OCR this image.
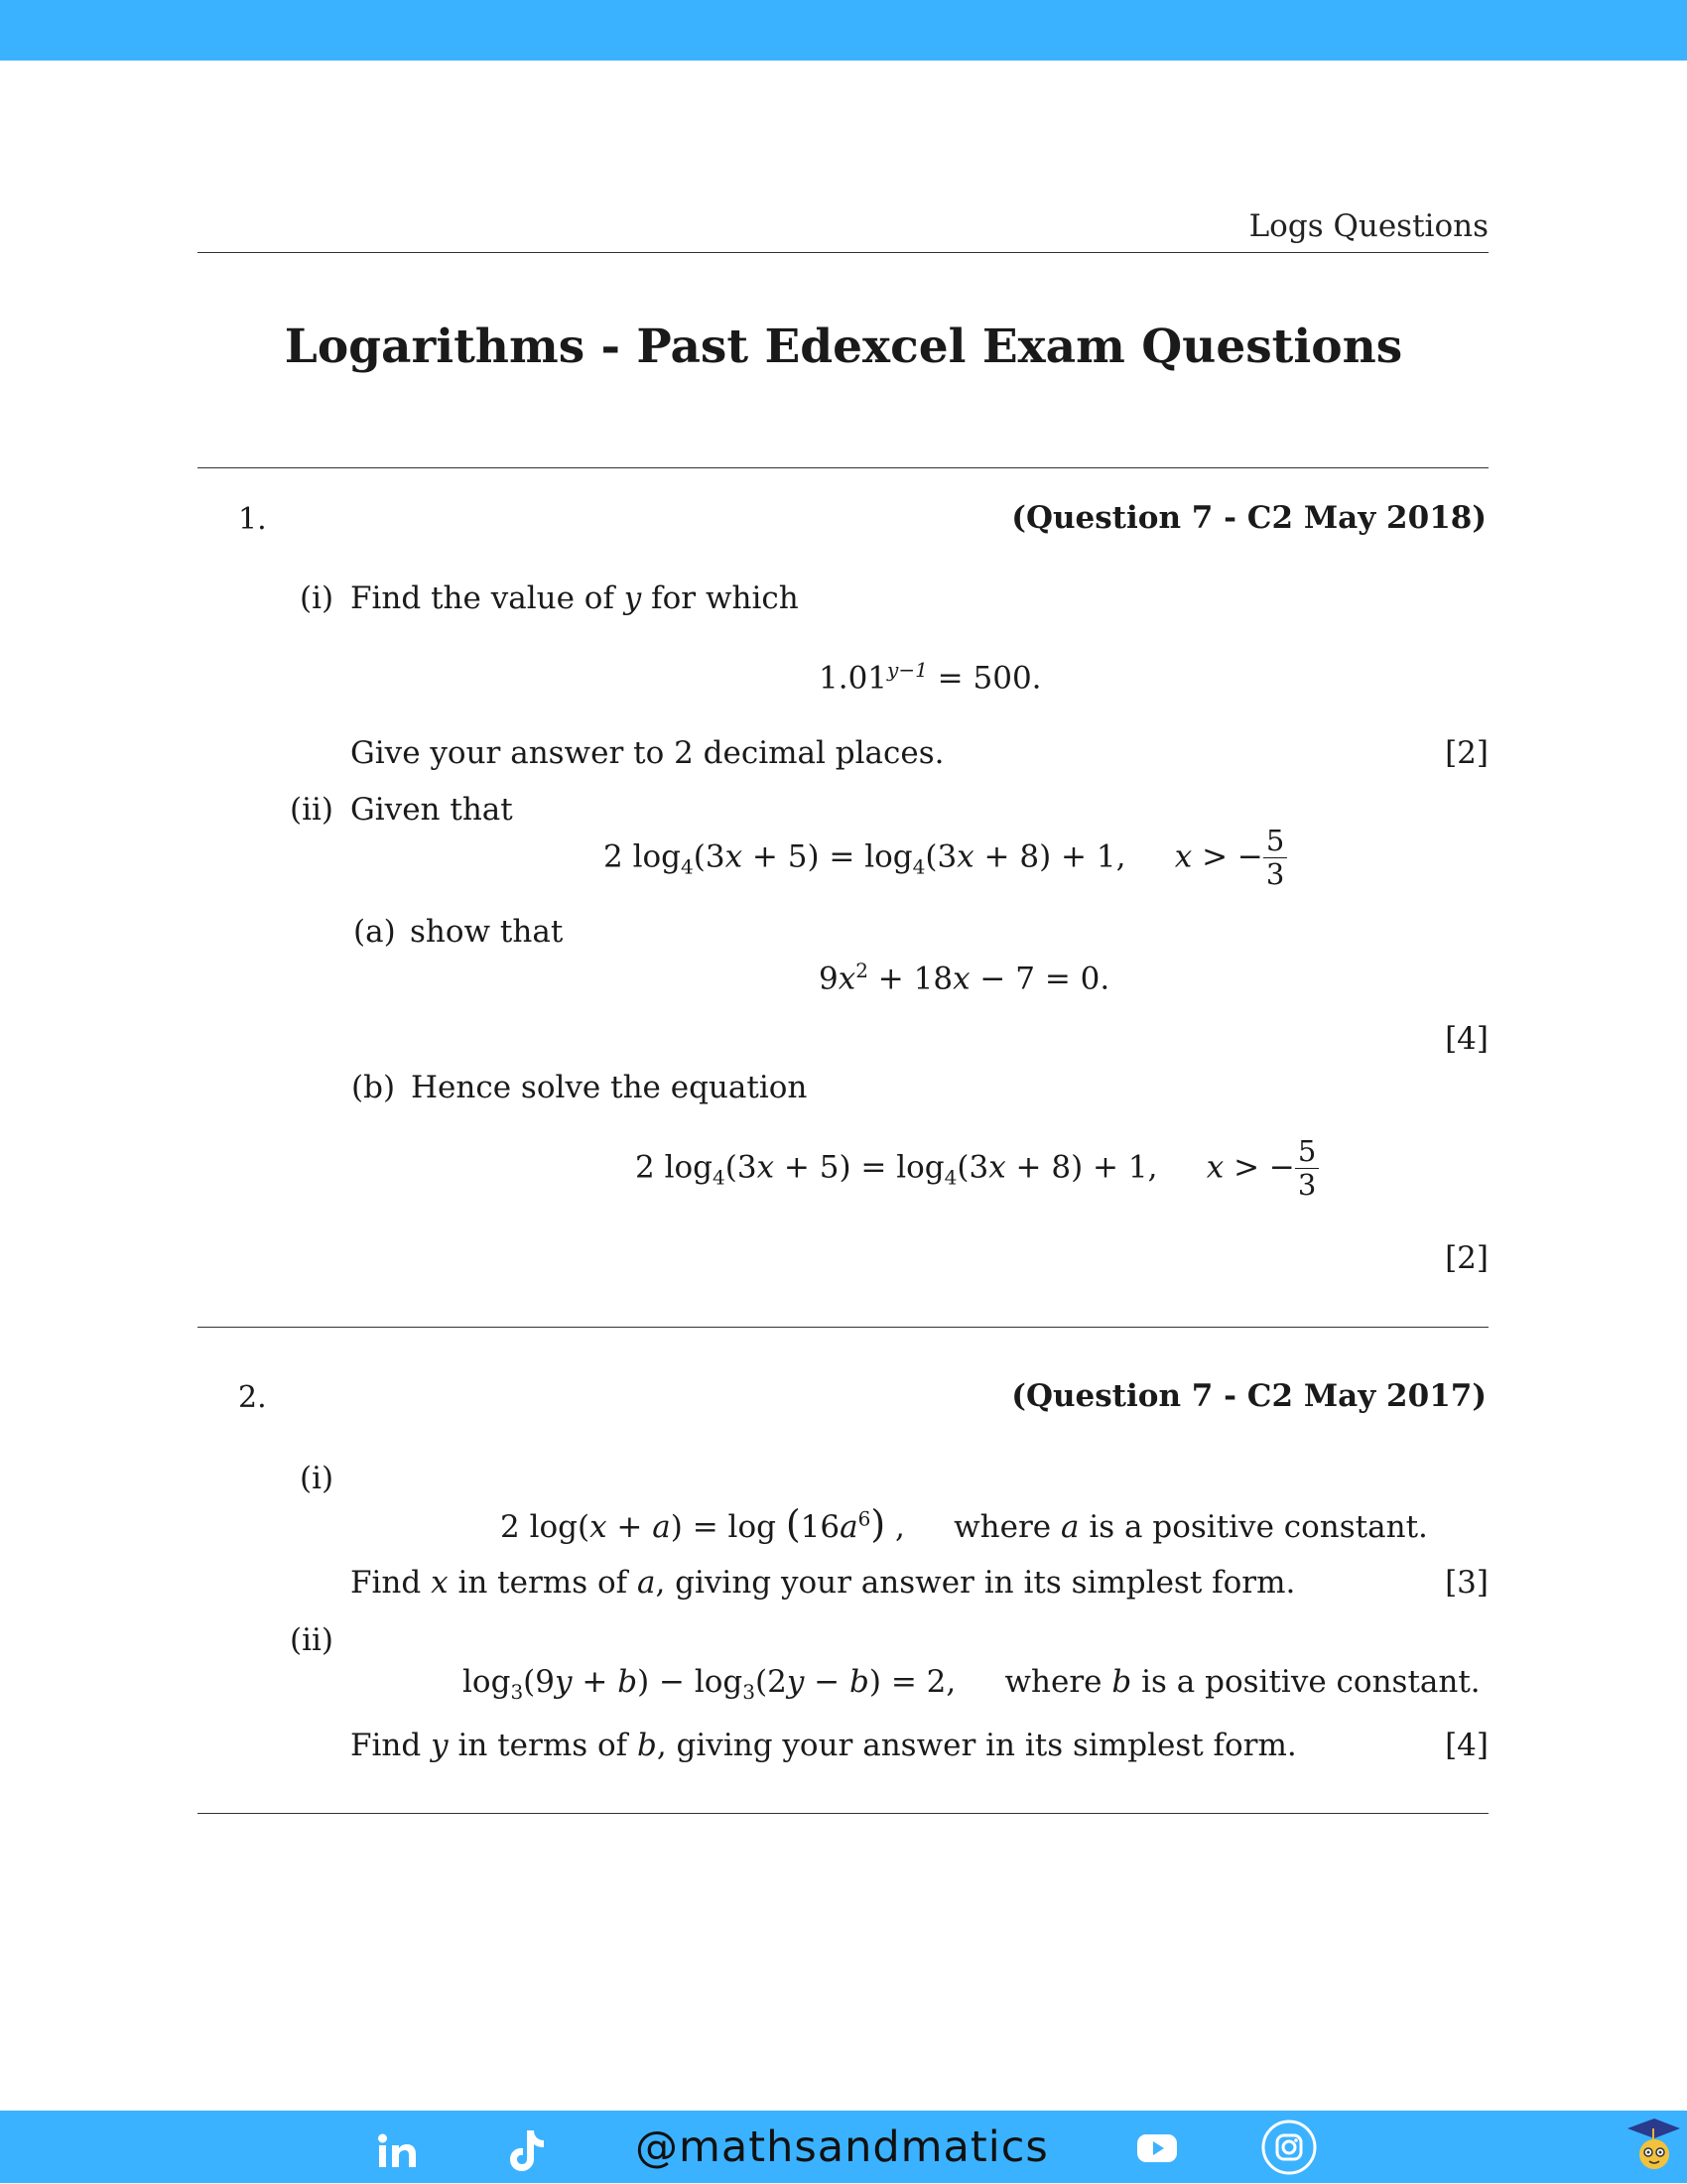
Logs Questions
Logarithms - Past Edexcel Exam Questions
1.	(Question 7 - C2 May 2018)
(i) Find the value of y for which
$1.01^{y-1} = 500$.
Give your answer to 2 decimal places.	[2]
(ii) Given that
2 $\log_4(3x + 5) = \log_4(3x + 8) + 1$,     x > − $\frac{5}{3}$
(a) show that
$9x^2 + 18x - 7 = 0$.
[4]
(b) Hence solve the equation
2 $\log_4(3x + 5) = \log_4(3x + 8) + 1$,     x > − $\frac{5}{3}$
[2]
2.	(Question 7 - C2 May 2017)
(i)
2 $\log(x + a) = \log (16a^6)$ ,     where a is a positive constant.
Find x in terms of a, giving your answer in its simplest form.	[3]
(ii)
$\log_3(9y + b) - \log_3(2y - b) = 2$,     where b is a positive constant.
Find y in terms of b, giving your answer in its simplest form.	[4]
@mathsandmatics
